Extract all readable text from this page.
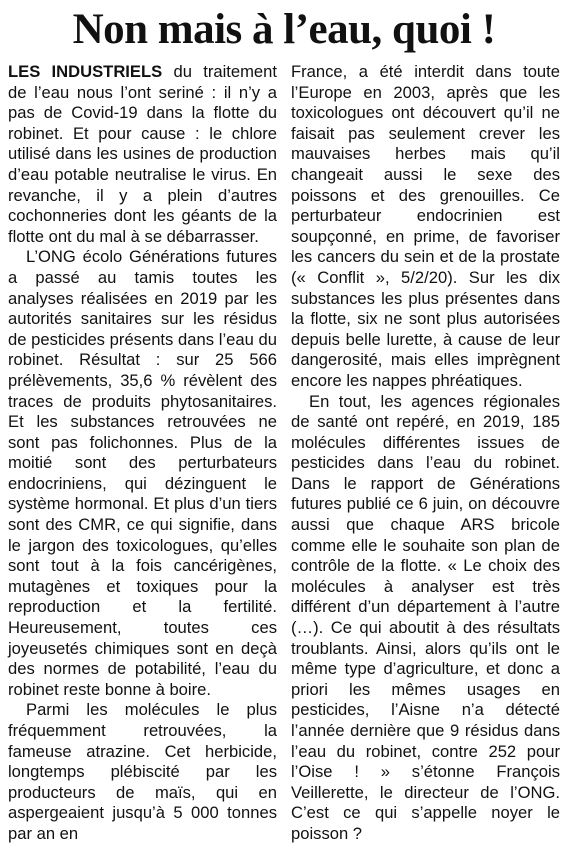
Non mais à l’eau, quoi !

LES INDUSTRIELS du traitement de l’eau nous l’ont seriné : il n’y a pas de Covid-19 dans la flotte du robinet. Et pour cause : le chlore utilisé dans les usines de production d’eau potable neutralise le virus. En revanche, il y a plein d’autres cochonneries dont les géants de la flotte ont du mal à se débarrasser.

L’ONG écolo Générations futures a passé au tamis toutes les analyses réalisées en 2019 par les autorités sanitaires sur les résidus de pesticides présents dans l’eau du robinet. Résultat : sur 25 566 prélèvements, 35,6 % révèlent des traces de produits phytosanitaires. Et les substances retrouvées ne sont pas folichonnes. Plus de la moitié sont des perturbateurs endocriniens, qui dézinguent le système hormonal. Et plus d’un tiers sont des CMR, ce qui signifie, dans le jargon des toxicologues, qu’elles sont tout à la fois cancérigènes, mutagènes et toxiques pour la reproduction et la fertilité. Heureusement, toutes ces joyeusetés chimiques sont en deçà des normes de potabilité, l’eau du robinet reste bonne à boire.

Parmi les molécules le plus fréquemment retrouvées, la fameuse atrazine. Cet herbicide, longtemps plébiscité par les producteurs de maïs, qui en aspergeaient jusqu’à 5 000 tonnes par an en

France, a été interdit dans toute l’Europe en 2003, après que les toxicologues ont découvert qu’il ne faisait pas seulement crever les mauvaises herbes mais qu’il changeait aussi le sexe des poissons et des grenouilles. Ce perturbateur endocrinien est soupçonné, en prime, de favoriser les cancers du sein et de la prostate (« Conflit », 5/2/20). Sur les dix substances les plus présentes dans la flotte, six ne sont plus autorisées depuis belle lurette, à cause de leur dangerosité, mais elles imprègnent encore les nappes phréatiques.

En tout, les agences régionales de santé ont repéré, en 2019, 185 molécules différentes issues de pesticides dans l’eau du robinet. Dans le rapport de Générations futures publié ce 6 juin, on découvre aussi que chaque ARS bricole comme elle le souhaite son plan de contrôle de la flotte. « Le choix des molécules à analyser est très différent d’un département à l’autre (…). Ce qui aboutit à des résultats troublants. Ainsi, alors qu’ils ont le même type d’agriculture, et donc a priori les mêmes usages en pesticides, l’Aisne n’a détecté l’année dernière que 9 résidus dans l’eau du robinet, contre 252 pour l’Oise ! » s’étonne François Veillerette, le directeur de l’ONG. C’est ce qui s’appelle noyer le poisson ?
